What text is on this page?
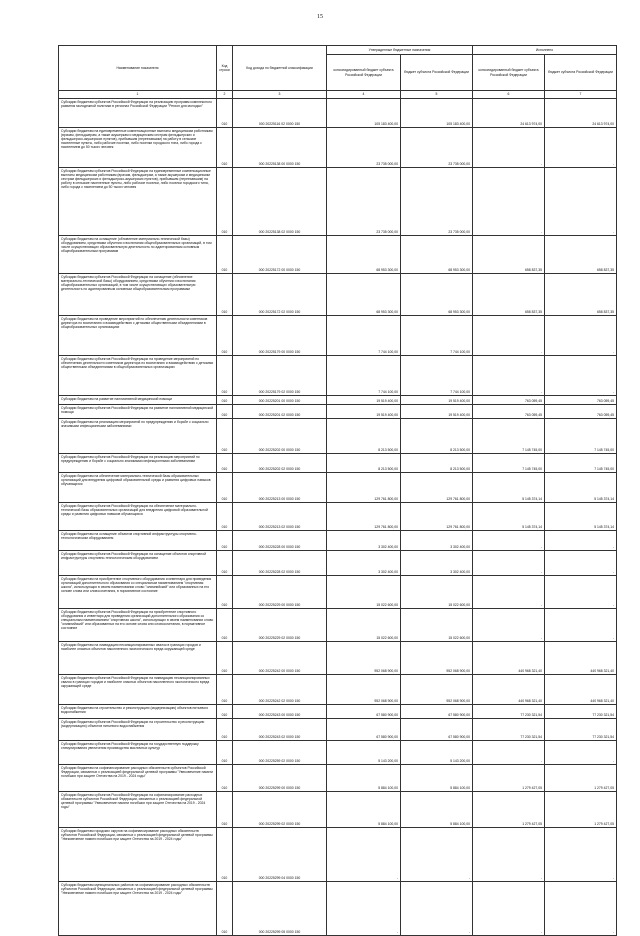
15
Наименование показателя	Код строки	Код дохода по бюджетной классификации	Утвержденные бюджетные назначения		Исполнено	
			консолидированный бюджет субъекта Российской Федерации	бюджет субъекта Российской Федерации	консолидированный бюджет субъекта Российской Федерации	бюджет субъекта Российской Федерации
1	2	3	4	5	6	7
Субсидии бюджетам субъектов Российской Федерации на реализацию программ комплексного развития молодежной политики в регионах Российской Федерации "Регион для молодых"	010	000 20225116 02 0000 150	105 183 400,00	105 183 400,00	24 613 974,00	24 613 974,00
Субсидии бюджетам на единовременные компенсационные выплаты медицинским работникам (врачам, фельдшерам, а также акушеркам и медицинским сестрам фельдшерских и фельдшерско-акушерских пунктов), прибывшим (переехавшим) на работу в сельские населенные пункты, либо рабочие поселки, либо поселки городского типа, либо города с населением до 50 тысяч человек	010	000 20225138 00 0000 150	23 735 000,00	23 735 000,00	-	-
Субсидии бюджетам субъектов Российской Федерации на единовременные компенсационные выплаты медицинским работникам (врачам, фельдшерам, а также акушеркам и медицинским сестрам фельдшерских и фельдшерско-акушерских пунктов), прибывшим (переехавшим) на работу в сельские населенные пункты, либо рабочие поселки, либо поселки городского типа, либо города с населением до 50 тысяч человек	010	000 20225138 02 0000 150	23 735 000,00	23 735 000,00	-	-
Субсидии бюджетам на оснащение (обновление материально-технической базы) оборудованием, средствами обучения и воспитания общеобразовательных организаций, в том числе осуществляющих образовательную деятельность по адаптированным основным общеобразовательным программам	010	000 20225172 00 0000 150	68 953 300,00	68 953 300,00	658 837,35	658 837,35
Субсидии бюджетам субъектов Российской Федерации на оснащение (обновление материально-технической базы) оборудованием, средствами обучения и воспитания общеобразовательных организаций, в том числе осуществляющих образовательную деятельность по адаптированным основным общеобразовательным программам	010	000 20225172 02 0000 150	68 953 300,00	68 953 300,00	658 837,35	658 837,35
Субсидии бюджетам на проведение мероприятий по обеспечению деятельности советников директора по воспитанию и взаимодействию с детскими общественными объединениями в общеобразовательных организациях	010	000 20225179 00 0000 150	7 744 100,00	7 744 100,00	-	-
Субсидии бюджетам субъектов Российской Федерации на проведение мероприятий по обеспечению деятельности советников директора по воспитанию и взаимодействию с детскими общественными объединениями в общеобразовательных организациях	010	000 20225179 02 0000 150	7 744 100,00	7 744 100,00	-	-
Субсидии бюджетам на развитие паллиативной медицинской помощи	010	000 20225201 00 0000 150	19 519 400,00	19 519 400,00	763 059,45	763 059,45
Субсидии бюджетам субъектов Российской Федерации на развитие паллиативной медицинской помощи	010	000 20225201 02 0000 150	19 519 400,00	19 519 400,00	763 059,45	763 059,45
Субсидии бюджетам на реализацию мероприятий по предупреждению и борьбе с социально значимыми инфекционными заболеваниями	010	000 20225202 00 0000 150	8 213 500,00	8 213 500,00	7 145 745,00	7 145 745,00
Субсидии бюджетам субъектов Российской Федерации на реализацию мероприятий по предупреждению и борьбе с социально значимыми инфекционными заболеваниями	010	000 20225202 02 0000 150	8 213 500,00	8 213 500,00	7 145 745,00	7 145 745,00
Субсидии бюджетам на обеспечение материально-технической базы образовательных организаций для внедрения цифровой образовательной среды и развития цифровых навыков обучающихся	010	000 20225213 00 0000 150	129 761 800,00	129 761 800,00	5 145 374,14	5 145 374,14
Субсидии бюджетам субъектов Российской Федерации на обеспечение материально-технической базы образовательных организаций для внедрения цифровой образовательной среды и развития цифровых навыков обучающихся	010	000 20225213 02 0000 150	129 761 800,00	129 761 800,00	5 145 374,14	5 145 374,14
Субсидии бюджетам на оснащение объектов спортивной инфраструктуры спортивно-технологическим оборудованием	010	000 20225228 00 0000 150	3 302 400,00	3 302 400,00	-	-
Субсидии бюджетам субъектов Российской Федерации на оснащение объектов спортивной инфраструктуры спортивно-технологическим оборудованием	010	000 20225228 02 0000 150	3 302 400,00	3 302 400,00	-	-
Субсидии бюджетам на приобретение спортивного оборудования и инвентаря для приведения организаций дополнительного образования со специальным наименованием "спортивная школа", использующих в своем наименовании слово "олимпийский" или образованных на его основе слова или словосочетания, в нормативное состояние	010	000 20225229 00 0000 150	15 022 600,00	15 022 600,00	-	-
Субсидии бюджетам субъектов Российской Федерации на приобретение спортивного оборудования и инвентаря для приведения организаций дополнительного образования со специальным наименованием "спортивная школа", использующих в своем наименовании слово "олимпийский" или образованных на его основе слова или словосочетания, в нормативное состояние	010	000 20225229 02 0000 150	15 022 600,00	15 022 600,00	-	-
Субсидии бюджетам на ликвидацию несанкционированных свалок в границах городов и наиболее опасных объектов накопленного экологического вреда окружающей среде	010	000 20225242 00 0000 150	952 068 900,00	952 068 900,00	440 968 321,40	440 968 321,40
Субсидии бюджетам субъектов Российской Федерации на ликвидацию несанкционированных свалок в границах городов и наиболее опасных объектов накопленного экологического вреда окружающей среде	010	000 20225242 02 0000 150	952 068 900,00	952 068 900,00	440 968 321,40	440 968 321,40
Субсидии бюджетам на строительство и реконструкцию (модернизацию) объектов питьевого водоснабжения	010	000 20225243 00 0000 150	67 580 900,00	67 580 900,00	77 230 321,54	77 230 321,54
Субсидии бюджетам субъектов Российской Федерации на строительство и реконструкцию (модернизацию) объектов питьевого водоснабжения	010	000 20225243 02 0000 150	67 580 900,00	67 580 900,00	77 230 321,54	77 230 321,54
Субсидии бюджетам субъектов Российской Федерации на государственную поддержку стимулирования увеличения производства масличных культур	010	000 20225259 02 0000 150	5 143 200,00	5 143 200,00	-	-
Субсидии бюджетам на софинансирование расходных обязательств субъектов Российской Федерации, связанных с реализацией федеральной целевой программы "Увековечение памяти погибших при защите Отечества на 2019 - 2024 годы"	010	000 20225299 00 0000 150	5 884 100,00	5 884 100,00	1 279 427,05	1 279 427,05
Субсидии бюджетам субъектов Российской Федерации на софинансирование расходных обязательств субъектов Российской Федерации, связанных с реализацией федеральной целевой программы "Увековечение памяти погибших при защите Отечества на 2019 - 2024 годы"	010	000 20225299 02 0000 150	5 884 100,00	5 884 100,00	1 279 427,05	1 279 427,05
Субсидии бюджетам городских округов на софинансирование расходных обязательств субъектов Российской Федерации, связанных с реализацией федеральной целевой программы "Увековечение памяти погибших при защите Отечества на 2019 - 2024 годы"	010	000 20225299 04 0000 150	-	-	-	-
Субсидии бюджетам муниципальных районов на софинансирование расходных обязательств субъектов Российской Федерации, связанных с реализацией федеральной целевой программы "Увековечение памяти погибших при защите Отечества на 2019 - 2024 годы"	010	000 20225299 05 0000 150	-	-	-	-
